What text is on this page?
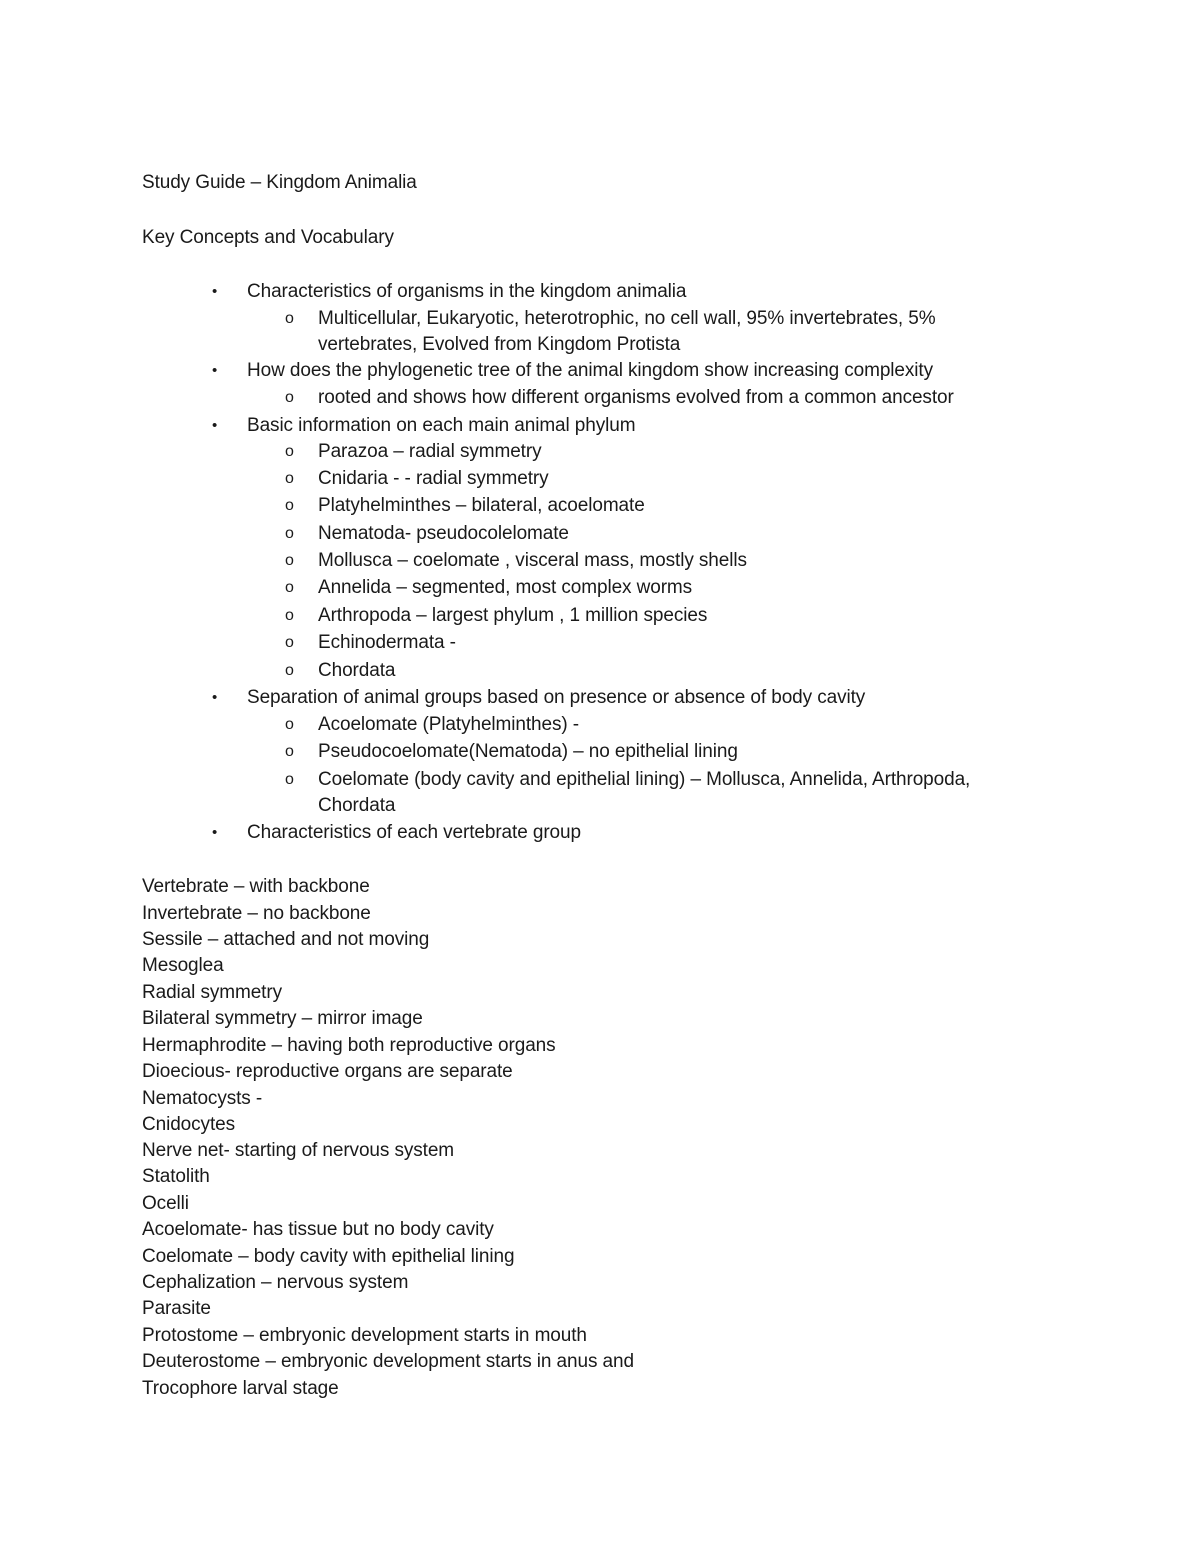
Study Guide – Kingdom Animalia
Key Concepts and Vocabulary
• Characteristics of organisms in the kingdom animalia
o Multicellular, Eukaryotic, heterotrophic, no cell wall, 95% invertebrates, 5%
vertebrates, Evolved from Kingdom Protista
• How does the phylogenetic tree of the animal kingdom show increasing complexity
o rooted and shows how different organisms evolved from a common ancestor
• Basic information on each main animal phylum
o Parazoa – radial symmetry
o Cnidaria - - radial symmetry
o Platyhelminthes – bilateral, acoelomate
o Nematoda- pseudocolelomate
o Mollusca – coelomate , visceral mass, mostly shells
o Annelida – segmented, most complex worms
o Arthropoda – largest phylum , 1 million species
o Echinodermata -
o Chordata
• Separation of animal groups based on presence or absence of body cavity
o Acoelomate (Platyhelminthes) -
o Pseudocoelomate(Nematoda) – no epithelial lining
o Coelomate (body cavity and epithelial lining) – Mollusca, Annelida, Arthropoda,
Chordata
• Characteristics of each vertebrate group
Vertebrate – with backbone
Invertebrate – no backbone
Sessile – attached and not moving
Mesoglea
Radial symmetry
Bilateral symmetry – mirror image
Hermaphrodite – having both reproductive organs
Dioecious- reproductive organs are separate
Nematocysts -
Cnidocytes
Nerve net- starting of nervous system
Statolith
Ocelli
Acoelomate- has tissue but no body cavity
Coelomate – body cavity with epithelial lining
Cephalization – nervous system
Parasite
Protostome – embryonic development starts in mouth
Deuterostome – embryonic development starts in anus and
Trocophore larval stage
